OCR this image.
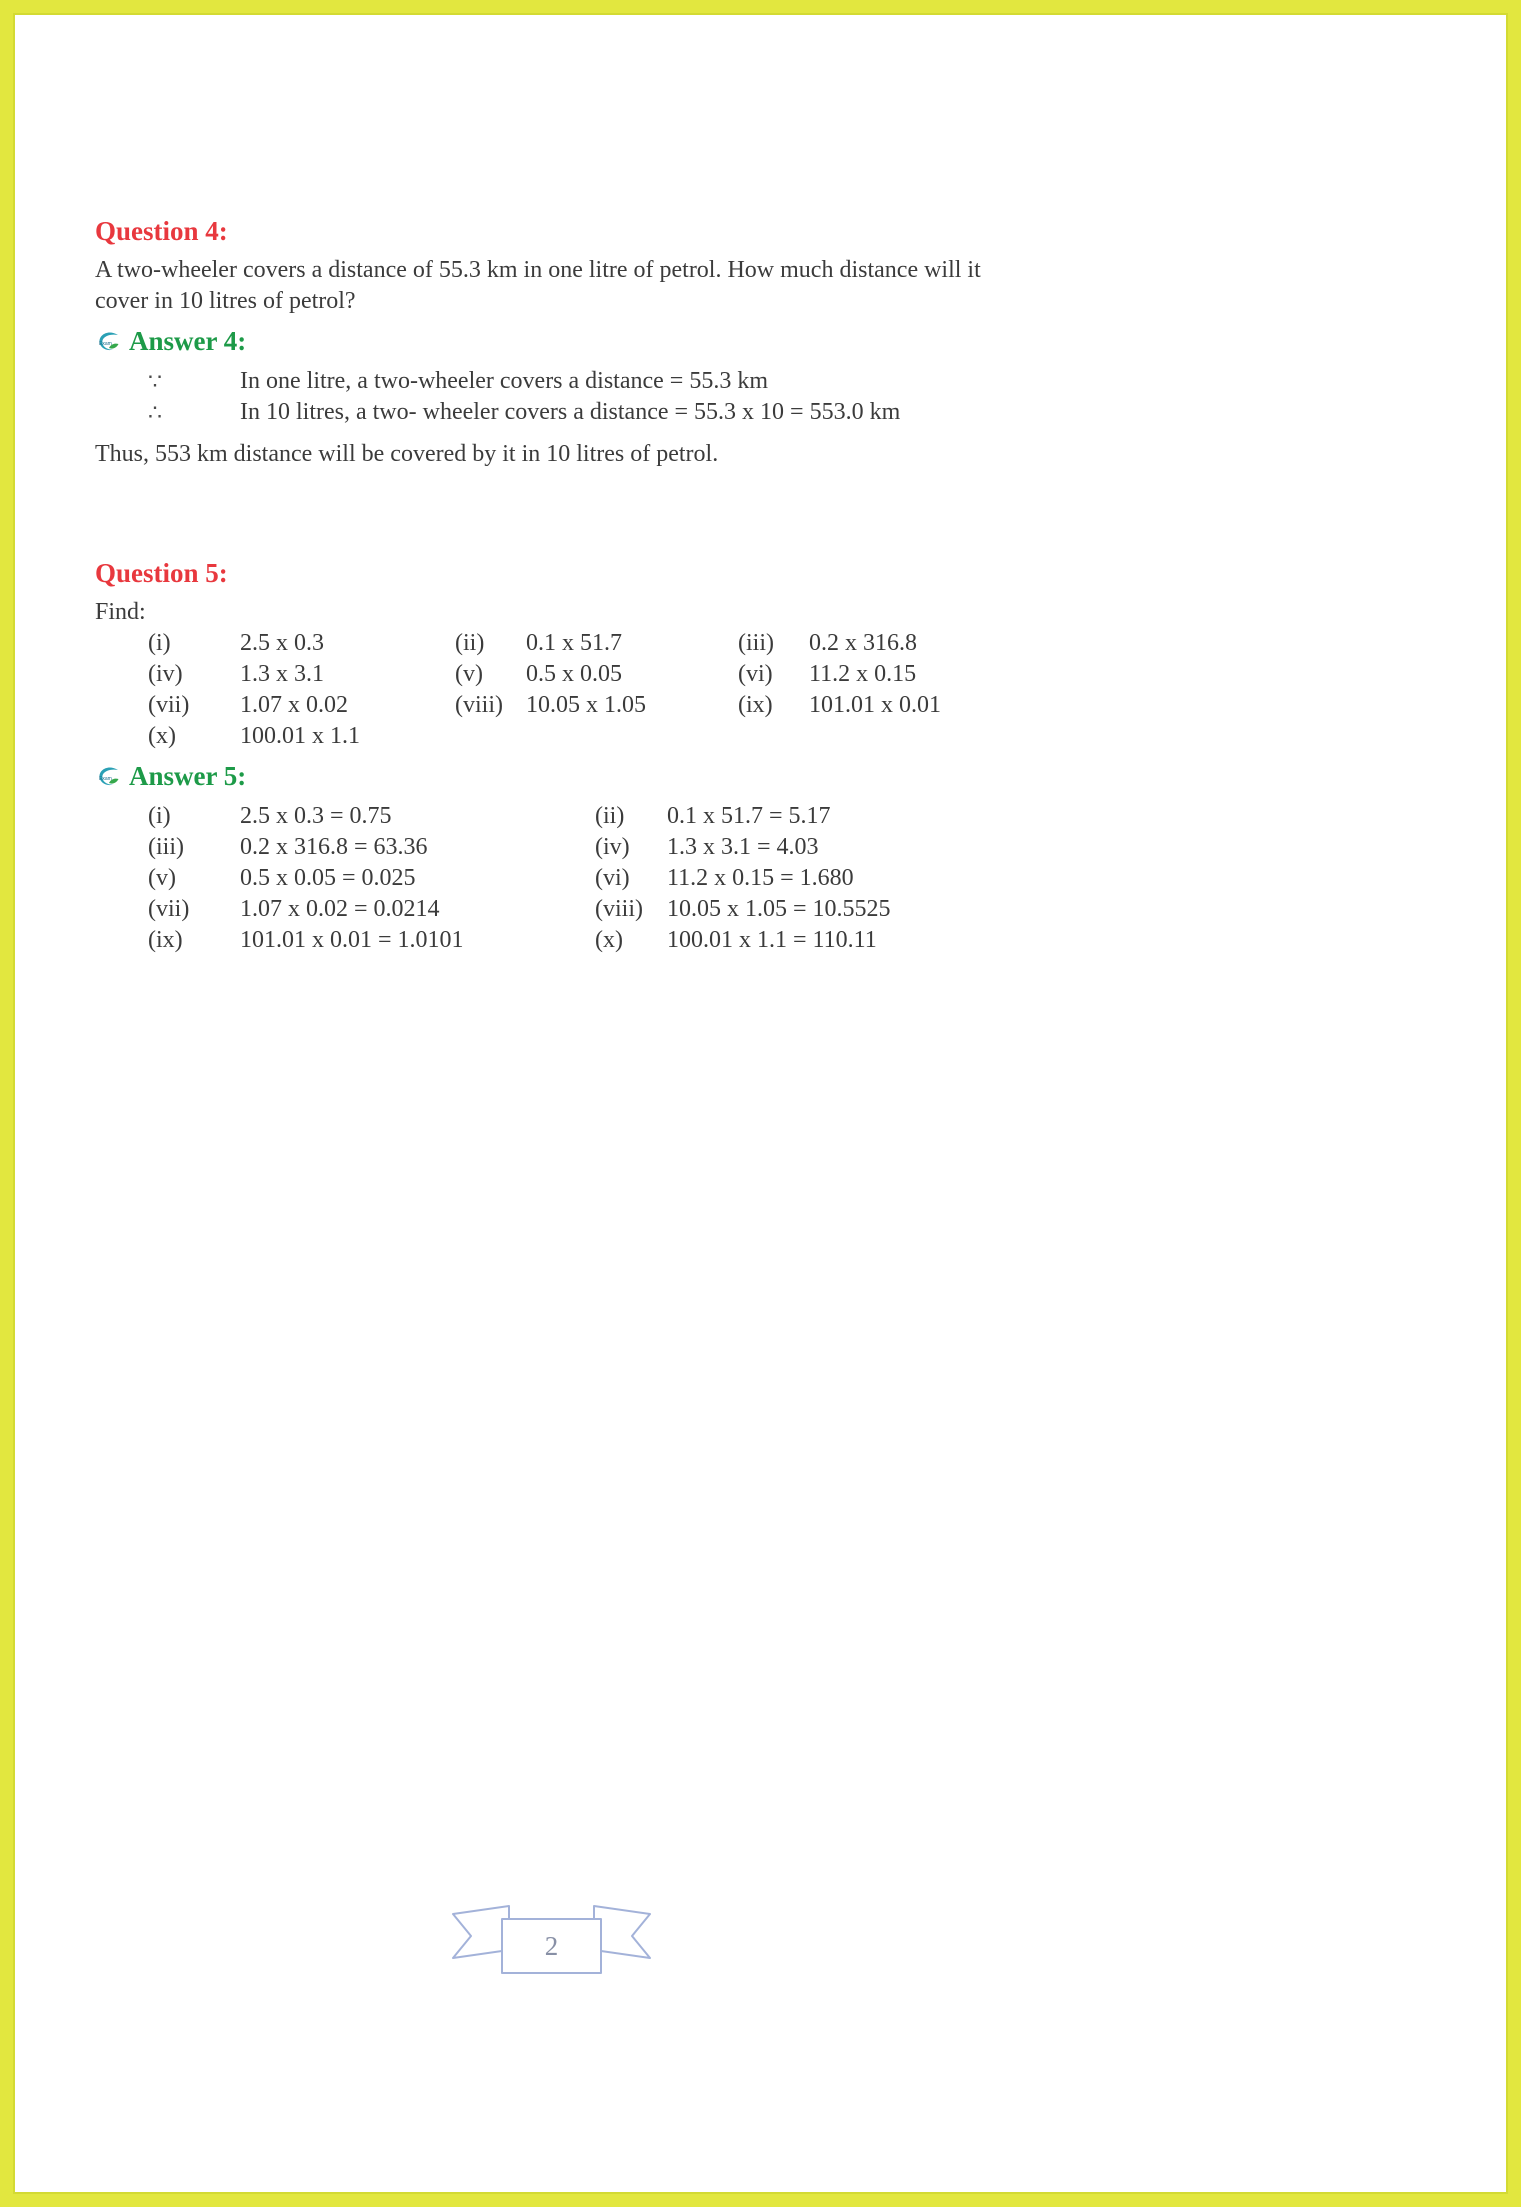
Question 4:

A two-wheeler covers a distance of 55.3 km in one litre of petrol. How much distance will it cover in 10 litres of petrol?

Exam Answer 4:
∵	In one litre, a two-wheeler covers a distance = 55.3 km
∴	In 10 litres, a two- wheeler covers a distance = 55.3 x 10 = 553.0 km

Thus, 553 km distance will be covered by it in 10 litres of petrol.

Question 5:
Find:
(i)	2.5 x 0.3	(ii)	0.1 x 51.7	(iii)	0.2 x 316.8
(iv)	1.3 x 3.1	(v)	0.5 x 0.05	(vi)	11.2 x 0.15
(vii)	1.07 x 0.02	(viii) 10.05 x 1.05	(ix)	101.01 x 0.01
(x)	100.01 x 1.1
Exam Answer 5:
(i)	2.5 x 0.3 = 0.75	(ii)	0.1 x 51.7 = 5.17
(iii)	0.2 x 316.8 = 63.36	(iv)	1.3 x 3.1 = 4.03
(v)	0.5 x 0.05 = 0.025	(vi)	11.2 x 0.15 = 1.680
(vii)	1.07 x 0.02 = 0.0214	(viii)	10.05 x 1.05 = 10.5525
(ix)	101.01 x 0.01 = 1.0101	(x)	100.01 x 1.1 = 110.11
2
